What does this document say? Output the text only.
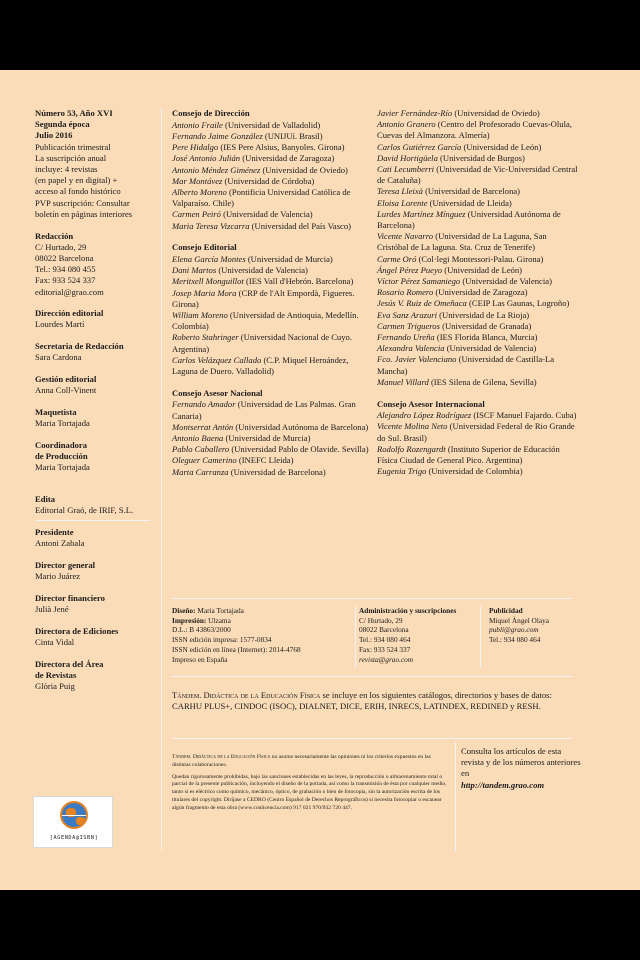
Número 53, Año XVI
Segunda época
Julio 2016
Publicación trimestral
La suscripción anual
incluye: 4 revistas
(en papel y en digital) +
acceso al fondo histórico
PVP suscripción: Consultar
boletín en páginas interiores
Redacción
C/ Hurtado, 29
08022 Barcelona
Tel.: 934 080 455
Fax: 933 524 337
editorial@grao.com
Dirección editorial
Lourdes Martí
Secretaria de Redacción
Sara Cardona
Gestión editorial
Anna Coll-Vinent
Maquetista
Maria Tortajada
Coordinadora
de Producción
Maria Tortajada
Edita
Editorial Graó, de IRIF, S.L.
Presidente
Antoni Zabala
Director general
Mario Juárez
Director financiero
Julià Jené
Directora de Ediciones
Cinta Vidal
Directora del Área
de Revistas
Glòria Puig
Consejo de Dirección
Antonio Fraile (Universidad de Valladolid)
Fernando Jaime González (UNIJUí. Brasil)
Pere Hidalgo (IES Pere Alsius, Banyoles. Girona)
José Antonio Julián (Universidad de Zaragoza)
Antonio Méndez Giménez (Universidad de Oviedo)
Mar Montávez (Universidad de Córdoba)
Alberto Moreno (Pontificia Universidad Católica de Valparaíso. Chile)
Carmen Peiró (Universidad de Valencia)
Maria Teresa Vizcarra (Universidad del País Vasco)
Consejo Editorial
Elena García Montes (Universidad de Murcia)
Dani Martos (Universidad de Valencia)
Meritxell Monguillot (IES Vall d'Hebrón. Barcelona)
Josep Maria Mora (CRP de l'Alt Empordà, Figueres. Girona)
William Moreno (Universidad de Antioquia, Medellín. Colombia)
Roberto Stahringer (Universidad Nacional de Cuyo. Argentina)
Carlos Velázquez Callado (C.P. Miquel Hernández, Laguna de Duero. Valladolid)
Consejo Asesor Nacional
Fernando Amador (Universidad de Las Palmas. Gran Canaria)
Montserrat Antón (Universidad Autónoma de Barcelona)
Antonio Baena (Universidad de Murcia)
Pablo Caballero (Universidad Pablo de Olavide. Sevilla)
Oleguer Camerino (INEFC Lleida)
Marta Carranza (Universidad de Barcelona)
Javier Fernández-Río (Universidad de Oviedo)
Antonio Granero (Centro del Profesorado Cuevas-Olula, Cuevas del Almanzora. Almería)
Carlos Gutiérrez García (Universidad de León)
David Hortigüela (Universidad de Burgos)
Cati Lecumberri (Universidad de Vic-Universidad Central de Cataluña)
Teresa Lleixà (Universidad de Barcelona)
Eloisa Lorente (Universidad de Lleida)
Lurdes Martínez Mínguez (Universidad Autónoma de Barcelona)
Vicente Navarro (Universidad de La Laguna, San Cristóbal de La laguna. Sta. Cruz de Tenerife)
Carme Oró (Col·legi Montessori-Palau. Girona)
Ángel Pérez Pueyo (Universidad de León)
Víctor Pérez Samaniego (Universidad de Valencia)
Rosario Romero (Universidad de Zaragoza)
Jesús V. Ruiz de Omeñaca (CEIP Las Gaunas, Logroño)
Eva Sanz Arazuri (Universidad de La Rioja)
Carmen Trigueros (Universidad de Granada)
Fernando Ureña (IES Florida Blanca, Murcia)
Alexandra Valencia (Universidad de Valencia)
Fco. Javier Valenciano (Universidad de Castilla-La Mancha)
Manuel Villard (IES Silena de Gilena, Sevilla)
Consejo Asesor Internacional
Alejandro López Rodríguez (ISCF Manuel Fajardo. Cuba)
Vicente Molina Neto (Universidad Federal de Rio Grande do Sul. Brasil)
Rodolfo Rozengardt (Instituto Superior de Educación Física Ciudad de General Pico. Argentina)
Eugenia Trigo (Universidad de Colombia)
Diseño: Maria Tortajada
Impresión: Ulzama
D.L.: B 43863/2000
ISSN edición impresa: 1577-0834
ISSN edición en línea (Internet): 2014-4768
Impreso en España
Administración y suscripciones
C/ Hurtado, 29
08022 Barcelona
Tel.: 934 080 464
Fax: 933 524 337
revista@grao.com
Publicidad
Miquel Àngel Olaya
publi@grao.com
Tel.: 934 080 464
Tándem. Didáctica de la Educación Física se incluye en los siguientes catálogos, directorios y bases de datos: CARHU PLUS+, CINDOC (ISOC), DIALNET, DICE, ERIH, INRECS, LATINDEX, REDINED y RESH.

Tándem. Didáctica de la Educación Física no asume necesariamente las opiniones ni los criterios expuestos en las distintas colaboraciones.

Quedan rigurosamente prohibidas, bajo las sanciones establecidas en las leyes, la reproducción o almacenamiento total o parcial de la presente publicación, incluyendo el diseño de la portada, así como la transmisión de ésta por cualquier medio, tanto si es eléctrico como químico, mecánico, óptico, de grabación o bien de fotocopia, sin la autorización escrita de los titulares del copyright. Diríjase a CEDRO (Centro Español de Derechos Reprográficos) si necesita fotocopiar o escanear algún fragmento de esta obra (www.conlicencia.com) 917 021 970/932 720 447.

Consulta los artículos de esta revista y de los números anteriores en
http://tandem.grao.com
[AGENDA@ISBN]
